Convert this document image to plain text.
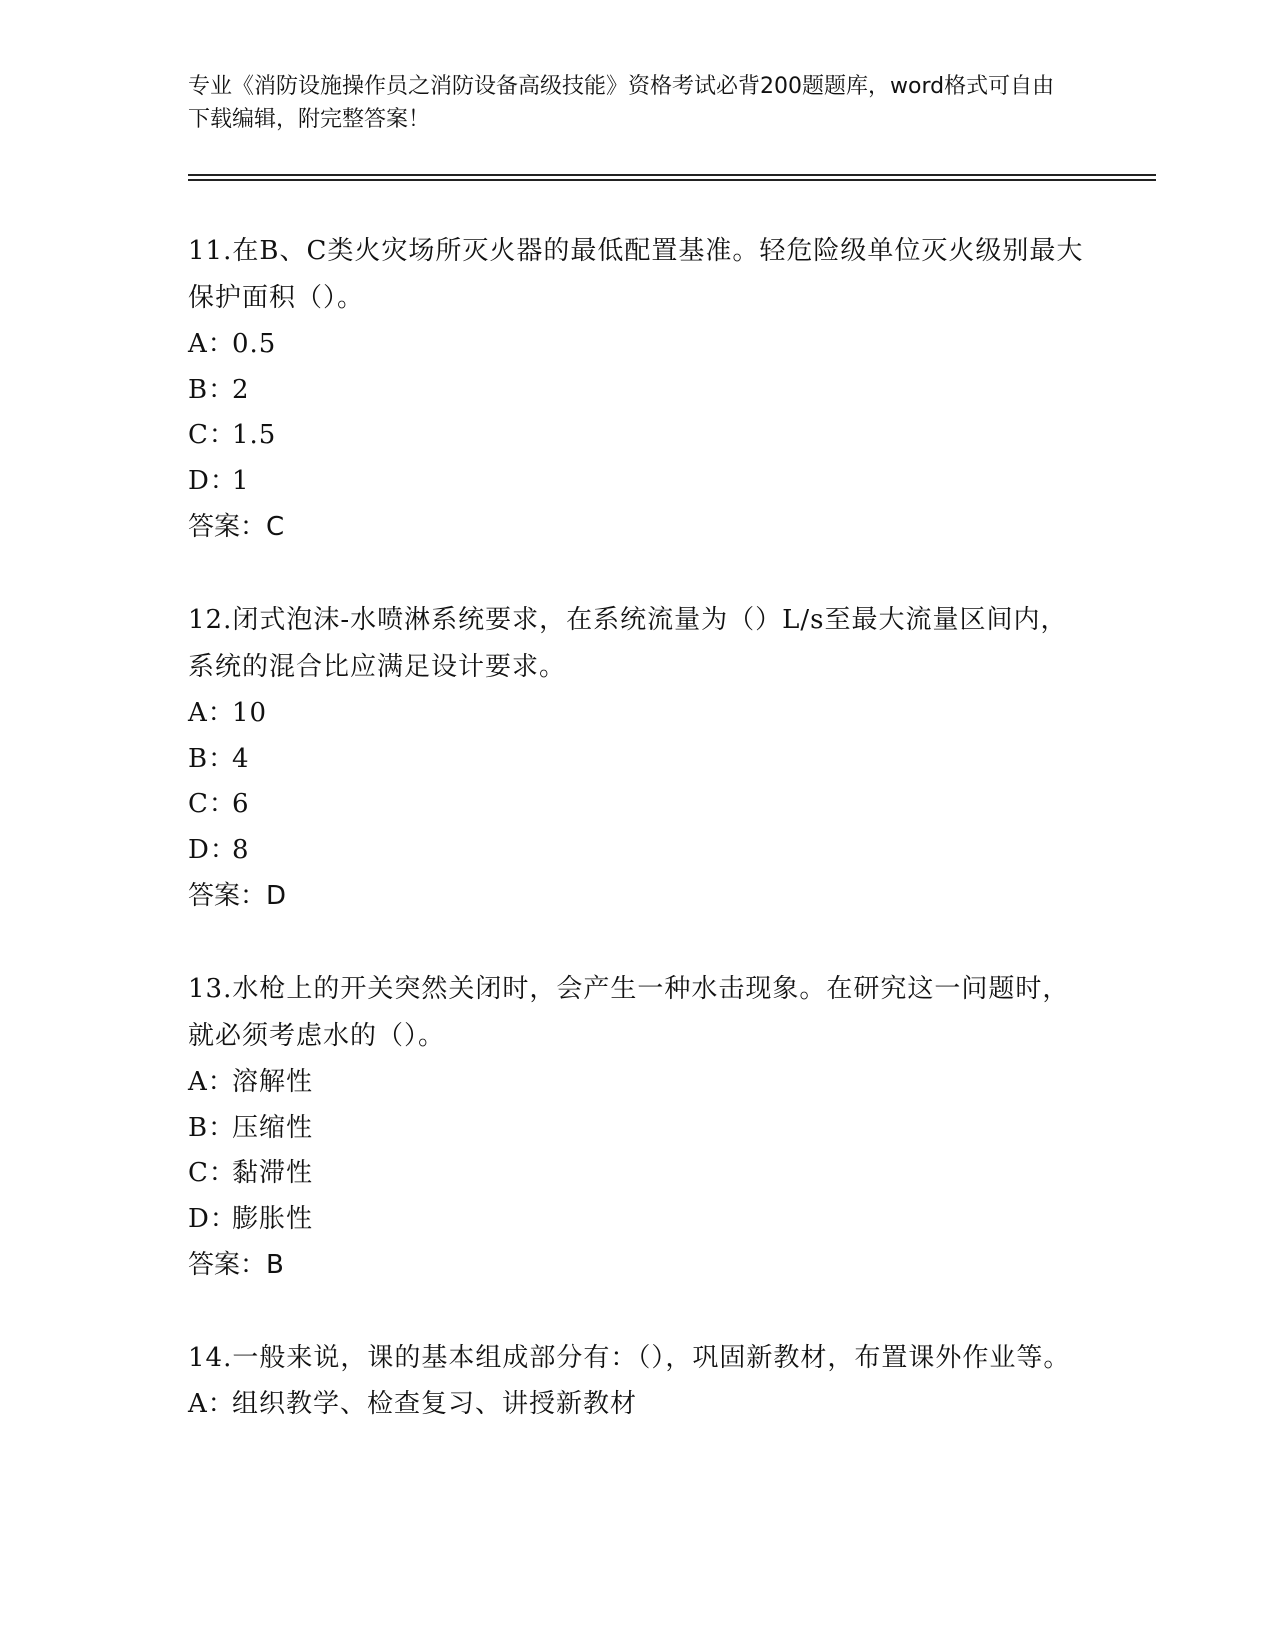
专业《消防设施操作员之消防设备高级技能》资格考试必背200题题库，word格式可自由下载编辑，附完整答案！

11.在B、C类火灾场所灭火器的最低配置基准。轻危险级单位灭火级别最大保护面积（）。
A：0.5
B：2
C：1.5
D：1
答案：C
12.闭式泡沫-水喷淋系统要求，在系统流量为（）L/s至最大流量区间内，系统的混合比应满足设计要求。
A：10
B：4
C：6
D：8
答案：D
13.水枪上的开关突然关闭时，会产生一种水击现象。在研究这一问题时，就必须考虑水的（）。
A：溶解性
B：压缩性
C：黏滞性
D：膨胀性
答案：B
14.一般来说，课的基本组成部分有：（），巩固新教材，布置课外作业等。
A：组织教学、检查复习、讲授新教材
